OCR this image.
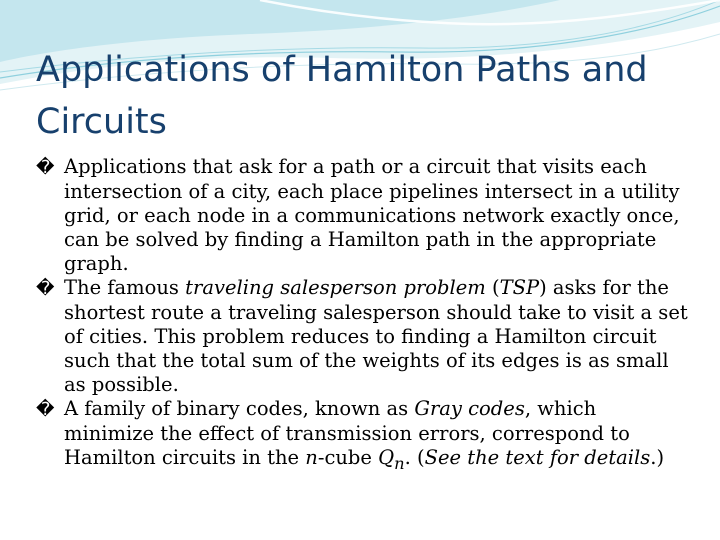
Applications of Hamilton Paths and Circuits

� Applications that ask for a path or a circuit that visits each intersection of a city, each place pipelines intersect in a utility grid, or each node in a communications network exactly once, can be solved by finding a Hamilton path in the appropriate graph.

� The famous traveling salesperson problem (TSP) asks for the shortest route a traveling salesperson should take to visit a set of cities. This problem reduces to finding a Hamilton circuit such that the total sum of the weights of its edges is as small as possible.

� A family of binary codes, known as Gray codes, which minimize the effect of transmission errors, correspond to Hamilton circuits in the n-cube $Q_n$. (See the text for details.)
